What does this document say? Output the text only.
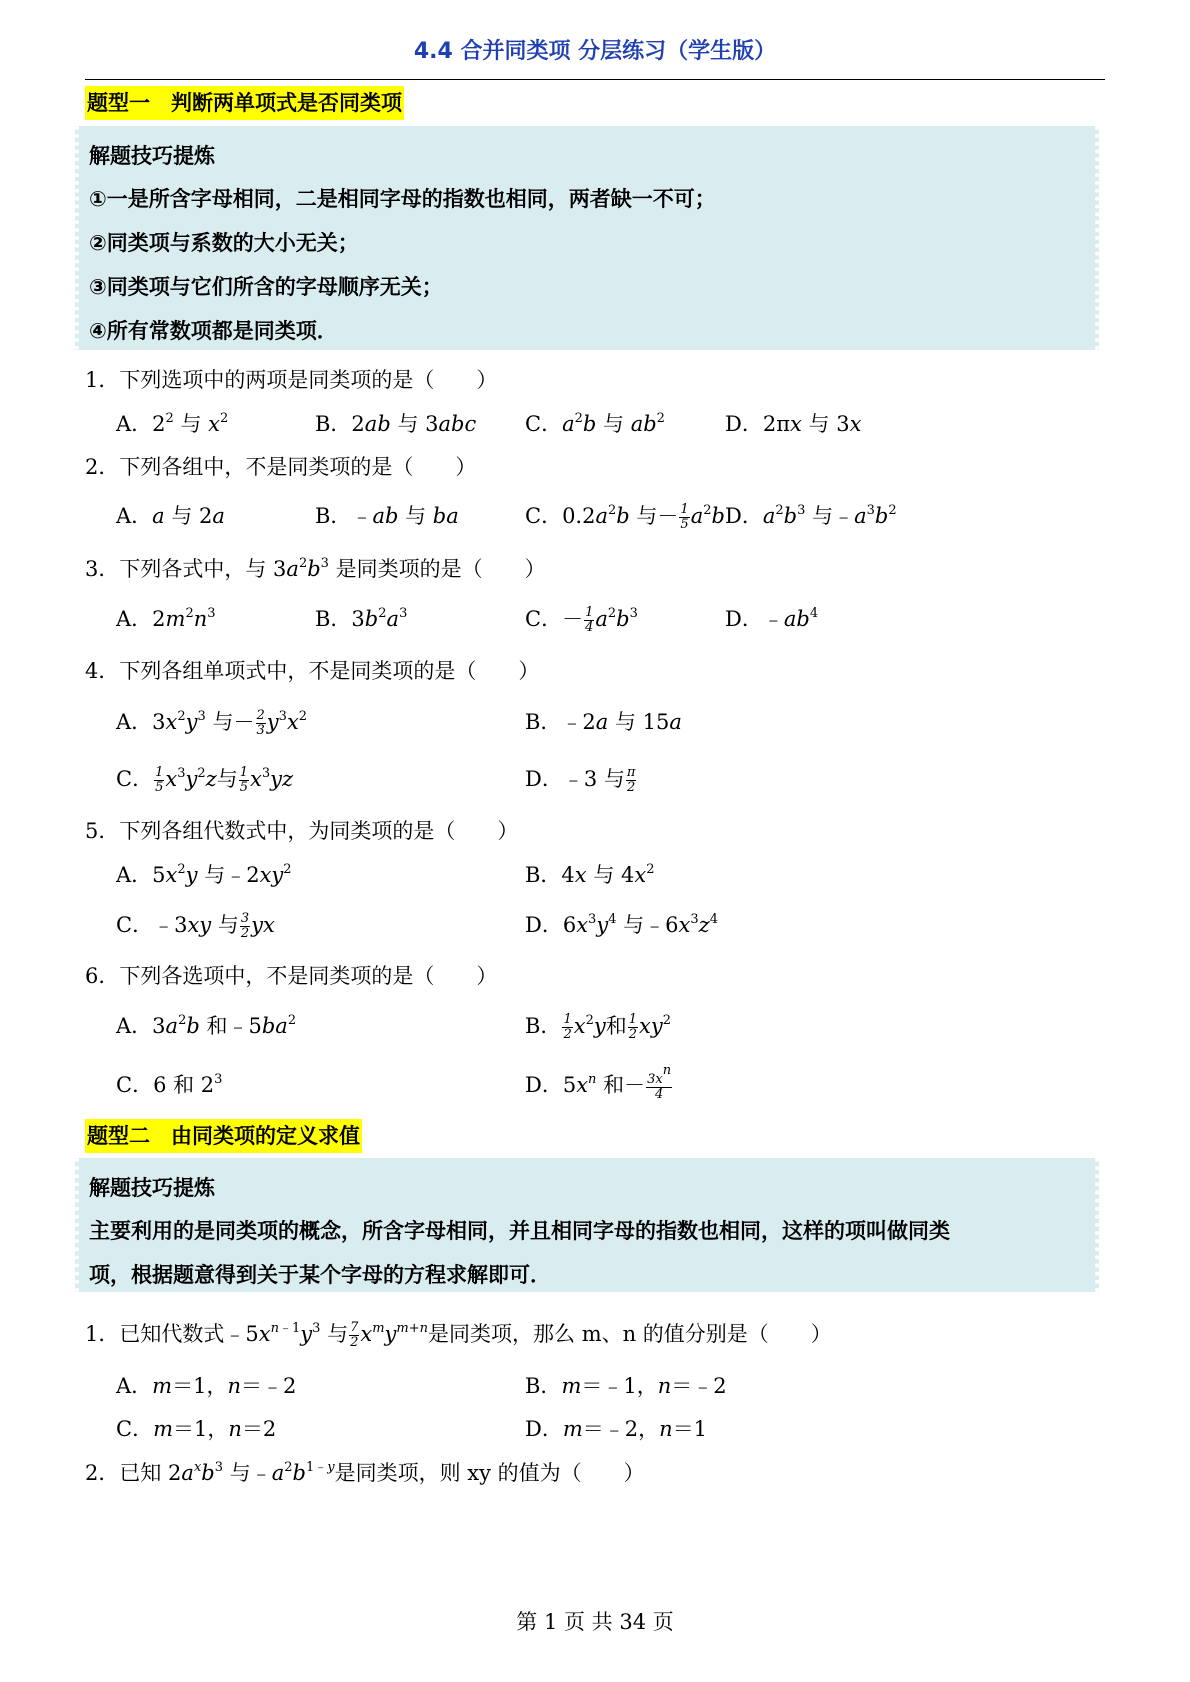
4.4 合并同类项 分层练习（学生版）
题型一　判断两单项式是否同类项
解题技巧提炼
①一是所含字母相同，二是相同字母的指数也相同，两者缺一不可；
②同类项与系数的大小无关；
③同类项与它们所含的字母顺序无关；
④所有常数项都是同类项．
1．下列选项中的两项是同类项的是（　　）
A．$2^2$ 与 $x^2$	B．2ab 与 3abc C．$a^2b$ 与 $ab^2$	D．2πx 与 3x
2．下列各组中，不是同类项的是（　　）
A．a 与 2a	B．﹣ab 与 ba	C．$0.2a^2b$ 与－ $\frac{1}{5} a^2b$ D．$a^2b^3$ 与$﹣a^3b^2$
3．下列各式中，与 $3a^2b^3$ 是同类项的是（　　）
A．$2m^2n^3$	B．$3b^2a^3$	C．－ $\frac{1}{4} a^2b^3$	D．$﹣ab^4$
4．下列各组单项式中，不是同类项的是（　　）
A．$3x^2y^3$ 与－ $\frac{2}{3} y^3x^2$	B．﹣2a 与 15a
C． $\frac{1}{5} x^3y^2z$与 $\frac{1}{5} x^3yz$	D．﹣3 与 $\frac{\pi}{2}$
5．下列各组代数式中，为同类项的是（　　）
A．$5x^2y$ 与$﹣2xy^2$	B．4x 与 $4x^2$
C．﹣3xy 与 $\frac{3}{2}$ yx	D．$6x^3y^4$ 与$﹣6x^3z^4$
6．下列各选项中，不是同类项的是（　　）
A．$3a^2b$ 和$﹣5ba^2$	B． $\frac{1}{2} x^2y$和 $\frac{1}{2} xy^2$
C．6 和 $2^3$	D．$5x^n$ 和－ $\frac{3x^n}{4}$
题型二　由同类项的定义求值
解题技巧提炼
主要利用的是同类项的概念，所含字母相同，并且相同字母的指数也相同，这样的项叫做同类
项，根据题意得到关于某个字母的方程求解即可．
1．已知代数式$﹣5x^{n﹣1}y^3$ 与 $\frac{7}{2} x^my^{m+n}$是同类项，那么 m、n 的值分别是（　　）
A．m＝1，n＝﹣2	B．m＝﹣1，n＝﹣2
C．m＝1，n＝2	D．m＝﹣2，n＝1
2．已知 $2a^xb^3$ 与$﹣a^2b^{1﹣y}$是同类项，则 xy 的值为（　　）
第 1 页 共 34 页
